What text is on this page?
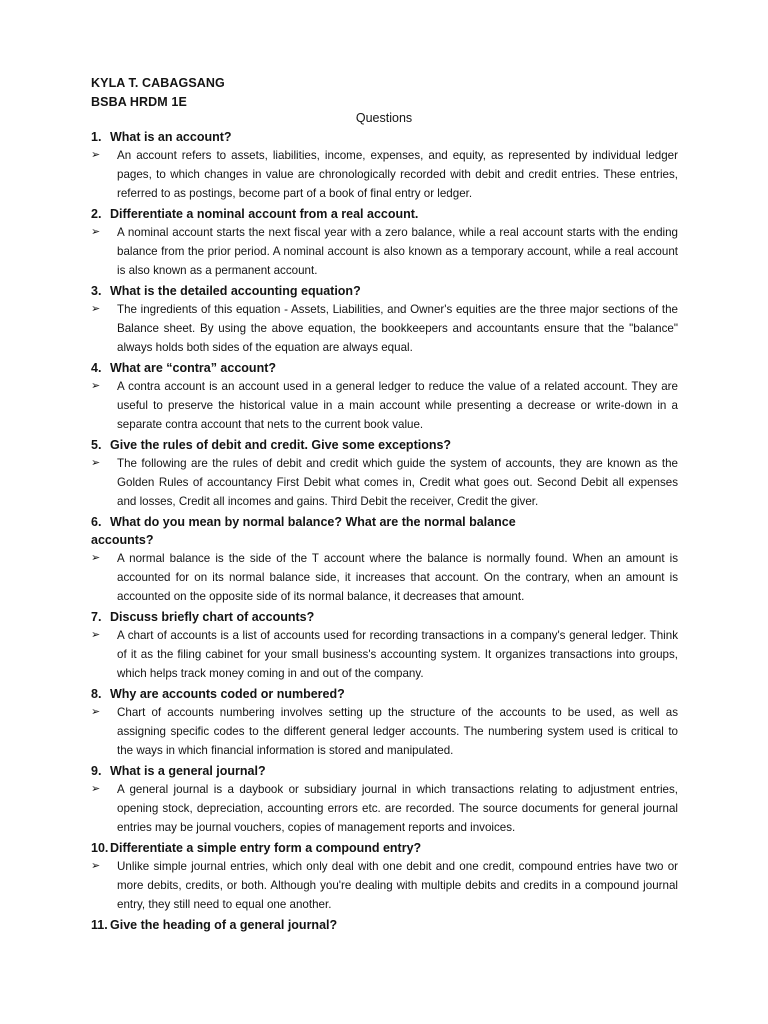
KYLA T. CABAGSANG
BSBA HRDM 1E
Questions

1. What is an account?

➢ An account refers to assets, liabilities, income, expenses, and equity, as represented by individual ledger pages, to which changes in value are chronologically recorded with debit and credit entries. These entries, referred to as postings, become part of a book of final entry or ledger.

2. Differentiate a nominal account from a real account.

➢ A nominal account starts the next fiscal year with a zero balance, while a real account starts with the ending balance from the prior period. A nominal account is also known as a temporary account, while a real account is also known as a permanent account.

3. What is the detailed accounting equation?

➢ The ingredients of this equation - Assets, Liabilities, and Owner's equities are the three major sections of the Balance sheet. By using the above equation, the bookkeepers and accountants ensure that the "balance" always holds both sides of the equation are always equal.

4. What are “contra” account?

➢ A contra account is an account used in a general ledger to reduce the value of a related account. They are useful to preserve the historical value in a main account while presenting a decrease or write-down in a separate contra account that nets to the current book value.

5. Give the rules of debit and credit. Give some exceptions?

➢ The following are the rules of debit and credit which guide the system of accounts, they are known as the Golden Rules of accountancy First Debit what comes in, Credit what goes out. Second Debit all expenses and losses, Credit all incomes and gains. Third Debit the receiver, Credit the giver.

6. What do you mean by normal balance? What are the normal balance
accounts?

➢ A normal balance is the side of the T account where the balance is normally found. When an amount is accounted for on its normal balance side, it increases that account. On the contrary, when an amount is accounted on the opposite side of its normal balance, it decreases that amount.

7. Discuss briefly chart of accounts?

➢ A chart of accounts is a list of accounts used for recording transactions in a company's general ledger. Think of it as the filing cabinet for your small business's accounting system. It organizes transactions into groups, which helps track money coming in and out of the company.

8. Why are accounts coded or numbered?

➢ Chart of accounts numbering involves setting up the structure of the accounts to be used, as well as assigning specific codes to the different general ledger accounts. The numbering system used is critical to the ways in which financial information is stored and manipulated.

9. What is a general journal?

➢ A general journal is a daybook or subsidiary journal in which transactions relating to adjustment entries, opening stock, depreciation, accounting errors etc. are recorded. The source documents for general journal entries may be journal vouchers, copies of management reports and invoices.

10. Differentiate a simple entry form a compound entry?

➢ Unlike simple journal entries, which only deal with one debit and one credit, compound entries have two or more debits, credits, or both. Although you're dealing with multiple debits and credits in a compound journal entry, they still need to equal one another.

11. Give the heading of a general journal?
